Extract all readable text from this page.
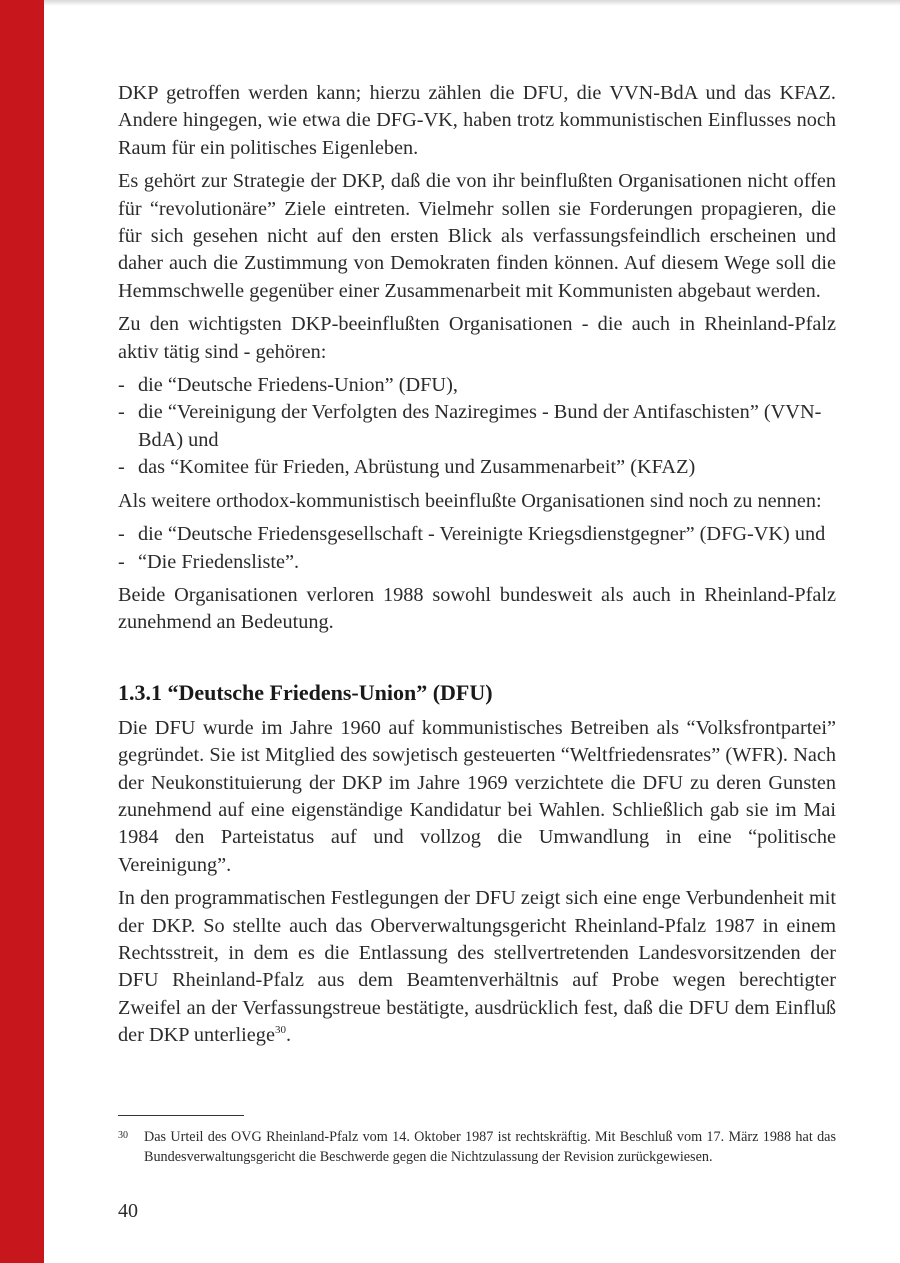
DKP getroffen werden kann; hierzu zählen die DFU, die VVN-BdA und das KFAZ. Andere hingegen, wie etwa die DFG-VK, haben trotz kommunistischen Einflusses noch Raum für ein politisches Eigenleben.

Es gehört zur Strategie der DKP, daß die von ihr beinflußten Organisationen nicht offen für “revolutionäre” Ziele eintreten. Vielmehr sollen sie Forderungen propagieren, die für sich gesehen nicht auf den ersten Blick als verfassungsfeindlich erscheinen und daher auch die Zustimmung von Demokraten finden können. Auf diesem Wege soll die Hemmschwelle gegenüber einer Zusammenarbeit mit Kommunisten abgebaut werden.

Zu den wichtigsten DKP-beeinflußten Organisationen - die auch in Rheinland-Pfalz aktiv tätig sind - gehören:

- die “Deutsche Friedens-Union” (DFU),
- die “Vereinigung der Verfolgten des Naziregimes - Bund der Antifaschisten” (VVN-BdA) und
- das “Komitee für Frieden, Abrüstung und Zusammenarbeit” (KFAZ)

Als weitere orthodox-kommunistisch beeinflußte Organisationen sind noch zu nennen:

- die “Deutsche Friedensgesellschaft - Vereinigte Kriegsdienstgegner” (DFG-VK) und
- “Die Friedensliste”.

Beide Organisationen verloren 1988 sowohl bundesweit als auch in Rheinland-Pfalz zunehmend an Bedeutung.

1.3.1 “Deutsche Friedens-Union” (DFU)

Die DFU wurde im Jahre 1960 auf kommunistisches Betreiben als “Volksfrontpartei” gegründet. Sie ist Mitglied des sowjetisch gesteuerten “Weltfriedensrates” (WFR). Nach der Neukonstituierung der DKP im Jahre 1969 verzichtete die DFU zu deren Gunsten zunehmend auf eine eigenständige Kandidatur bei Wahlen. Schließlich gab sie im Mai 1984 den Parteistatus auf und vollzog die Umwandlung in eine “politische Vereinigung”.

In den programmatischen Festlegungen der DFU zeigt sich eine enge Verbundenheit mit der DKP. So stellte auch das Oberverwaltungsgericht Rheinland-Pfalz 1987 in einem Rechtsstreit, in dem es die Entlassung des stellvertretenden Landesvorsitzenden der DFU Rheinland-Pfalz aus dem Beamtenverhältnis auf Probe wegen berechtigter Zweifel an der Verfassungstreue bestätigte, ausdrücklich fest, daß die DFU dem Einfluß der DKP unterliege$^{30}$.

30	Das Urteil des OVG Rheinland-Pfalz vom 14. Oktober 1987 ist rechtskräftig. Mit Beschluß vom 17. März 1988 hat das Bundesverwaltungsgericht die Beschwerde gegen die Nichtzulassung der Revision zurückgewiesen.
40
